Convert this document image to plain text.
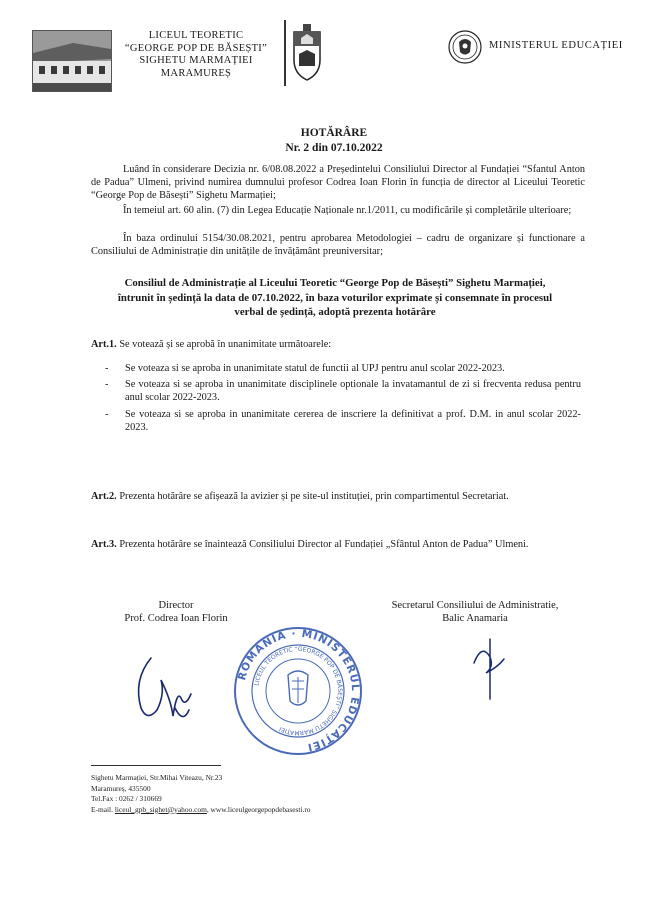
LICEUL TEORETIC
“GEORGE POP DE BĂSEȘTI”
SIGHETU MARMAȚIEI
MARAMUREȘ
MINISTERUL EDUCAȚIEI
HOTĂRÂRE
Nr. 2 din 07.10.2022
Luând în considerare Decizia nr. 6/08.08.2022 a Președintelui Consiliului Director al Fundației “Sfantul Anton de Padua” Ulmeni, privind numirea dumnului profesor Codrea Ioan Florin în funcția de director al Liceului Teoretic “George Pop de Băsești” Sighetu Marmației;
În temeiul art. 60 alin. (7) din Legea Educație Naționale nr.1/2011, cu modificările și completările ulterioare;
În baza ordinului 5154/30.08.2021, pentru aprobarea Metodologiei – cadru de organizare și functionare a Consiliului de Administrație din unitățile de învățământ preuniversitar;
Consiliul de Administrație al Liceului Teoretic “George Pop de Băsești” Sighetu Marmației, întrunit în ședință la data de 07.10.2022, în baza voturilor exprimate și consemnate în procesul verbal de ședință, adoptă prezenta hotărâre
Art.1. Se votează și se aprobă în unanimitate următoarele:
- Se voteaza si se aproba in unanimitate statul de functii al UPJ pentru anul scolar 2022-2023.
- Se voteaza si se aproba in unanimitate disciplinele optionale la invatamantul de zi si frecventa redusa pentru anul scolar 2022-2023.
- Se voteaza si se aproba in unanimitate cererea de inscriere la definitivat a prof. D.M. in anul scolar 2022-2023.
Art.2. Prezenta hotărâre se afișează la avizier și pe site-ul instituției, prin compartimentul Secretariat.
Art.3. Prezenta hotărâre se înaintează Consiliului Director al Fundației „Sfântul Anton de Padua” Ulmeni.
Director
Prof. Codrea Ioan Florin
Secretarul Consiliului de Administratie,
Balic Anamaria
ROMÂNIA · MINISTERUL EDUCAȚIEI
LICEUL TEORETIC “GEORGE POP DE BĂSEȘTI” SIGHETU MARMAȚIEI
Sighetu Marmației, Str.Mihai Viteazu, Nr.23
Maramureș, 435500
Tel.Fax : 0262 / 310669
E-mail. liceul_gpb_sighet@yahoo.com, www.liceulgeorgepopdebasesti.ro
